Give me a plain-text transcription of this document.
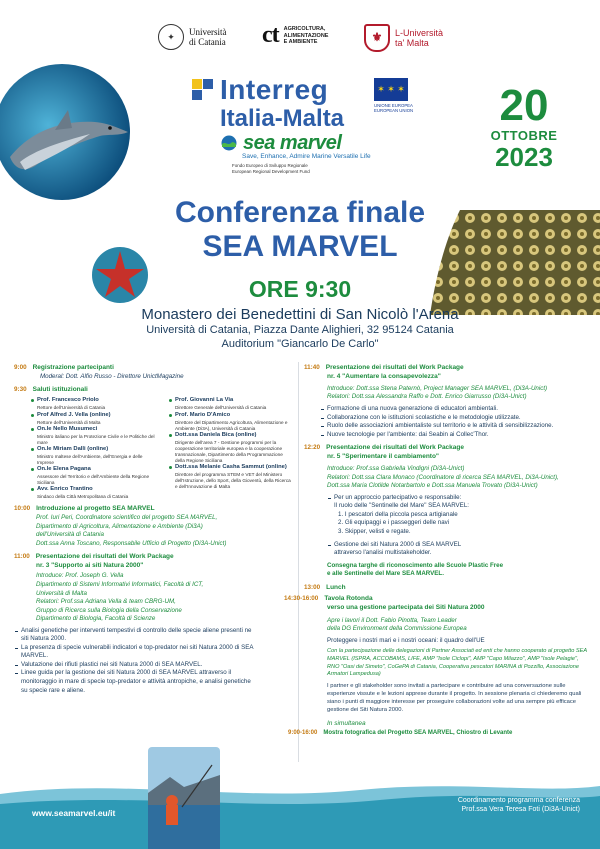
✦
Università
di Catania ct AGRICOLTURA,
ALIMENTAZIONE
E AMBIENTE	⚜	L-Università
ta' Malta
Interreg
Italia-Malta
sea marvel
Save, Enhance, Admire Marine Versatile Life
Fondo Europeo di Sviluppo Regionale
European Regional Development Fund
✶ ✶ ✶
UNIONE EUROPEA
EUROPEAN UNION	20
OTTOBRE
2023
Conferenza finale
SEA MARVEL
ORE 9:30
Monastero dei Benedettini di San Nicolò l'Arena
Università di Catania, Piazza Dante Alighieri, 32 95124 Catania
Auditorium "Giancarlo De Carlo"
9:00 Registrazione partecipanti
Moderal: Dott. Alfio Russo - Direttore UnictMagazine
9:30 Saluti istituzionali
Prof. Francesco Priolo
Rettore dell'Università di Catania
Prof Alfred J. Vella (online)
Rettore dell'Università di Malta
On.le Nello Musumeci
Ministro italiano per la Protezione Civile e le Politiche del mare
On.le Miriam Dalli (online)
Ministro maltese dell'Ambiente, dell'Energia e delle Imprese
On.le Elena Pagana
Assessore del Territorio e dell'Ambiente della Regione Siciliana
Avv. Enrico Trantino
Sindaco della Città Metropolitana di Catania
Prof. Giovanni La Via
Direttore Generale dell'Università di Catania
Prof. Mario D'Amico
Direttore del Dipartimento Agricoltura, Alimentazione e Ambiente (Di3A), Università di Catania
Dott.ssa Daniela Bica (online)
Dirigente dell'area 7 - Gestione programmi per la cooperazione territoriale europea e la cooperazione transnazionale, Dipartimento della Programmazione della Regione Siciliana
Dott.ssa Melanie Casha Sammut (online)
Direttore del programma STEM e VET del Ministero dell'Istruzione, dello Sport, della Gioventù, della Ricerca e dell'Innovazione di Malta
10:00 Introduzione al progetto SEA MARVEL
Prof. Iuri Peri, Coordinatore scientifico del progetto SEA MARVEL,
Dipartimento di Agricoltura, Alimentazione e Ambiente (Di3A)
dell'Università di Catania
Dott.ssa Anna Toscano, Responsabile Ufficio di Progetto (Di3A-Unict)
11:00 Presentazione dei risultati del Work Package
nr. 3 "Supporto ai siti Natura 2000"
Introduce: Prof. Joseph G. Vella
Dipartimento di Sistemi Informativi Informatici, Facoltà di ICT,
Università di Malta
Relatori: Prof.ssa Adriana Vella & team CBRG-UM,
Gruppo di Ricerca sulla Biologia della Conservazione
Dipartimento di Biologia, Facoltà di Scienze
Analisi genetiche per interventi tempestivi di controllo delle specie aliene presenti ne siti Natura 2000.
La presenza di specie vulnerabili indicatori e top-predator nei siti Natura 2000 di SEA MARVEL.
Valutazione dei rifiuti plastici nei siti Natura 2000 di SEA MARVEL.
Linee guida per la gestione dei siti Natura 2000 di SEA MARVEL attraverso il monitoraggio in mare di specie top-predator e attività antropiche, e analisi genetiche su specie rare e aliene.
11:40 Presentazione dei risultati del Work Package
nr. 4 "Aumentare la consapevolezza"
Introduce: Dott.ssa Stena Paternò, Project Manager SEA MARVEL, (Di3A-Unict)
Relatori: Dott.ssa Alessandra Raffo e Dott. Enrico Giarrusso (Di3A-Unict)
Formazione di una nuova generazione di educatori ambientali.
Collaborazione con le istituzioni scolastiche e le metodologie utilizzate.
Ruolo delle associazioni ambientaliste sul territorio e le attività di sensibilizzazione.
Nuove tecnologie per l'ambiente: dai Seabin ai Collec'Thor.
12:20 Presentazione dei risultati del Work Package
nr. 5 "Sperimentare il cambiamento"
Introduce: Prof.ssa Gabriella Vindigni (Di3A-Unict)
Relatori: Dott.ssa Clara Monaco (Coordinatore di ricerca SEA MARVEL, Di3A-Unict),
Dott.ssa Maria Clotilde Notarbartolo e Dott.ssa Manuela Trovato (Di3A-Unict)
Per un approccio partecipativo e responsabile:
Il ruolo delle "Sentinelle del Mare" SEA MARVEL:
1. I pescatori della piccola pesca artigianale
2. Gli equipaggi e i passeggeri delle navi
3. Skipper, velisti e regate.
Gestione dei siti Natura 2000 di SEA MARVEL
attraverso l'analisi multistakeholder.
Consegna targhe di riconoscimento alle Scuole Plastic Free
e alle Sentinelle del Mare SEA MARVEL.
13:00 Lunch
14:30-16:00 Tavola Rotonda
verso una gestione partecipata dei Siti Natura 2000
Apre i lavori il Dott. Fabio Pinotta, Team Leader
della DG Environment della Commissione Europea
Proteggere i nostri mari e i nostri oceani: il quadro dell'UE
Con la partecipazione delle delegazioni di Partner Associati ed enti che hanno cooperato al progetto SEA MARVEL (ISPRA, ACCOBAMS, LIFE, AMP "Isole Ciclopi", AMP "Capo Milazzo", AMP "Isole Pelagie", RNO "Oasi del Simeto", CoGePA di Catania, Cooperativa pescatori MARINA di Pozzillo, Associazione Armatori Lampedusa)
I partner e gli stakeholder sono invitati a partecipare e contribuire ad una conversazione sulle esperienze vissute e le lezioni apprese durante il progetto. In sessione plenaria ci chiederemo quali siano i punti di maggiore interesse per proseguire collaborazioni volte ad una sempre più efficace gestione dei Siti Natura 2000.
In simultanea
9:00-16:00 Mostra fotografica del Progetto SEA MARVEL, Chiostro di Levante
www.seamarvel.eu/it
Coordinamento programma conferenza
Prof.ssa Vera Teresa Foti (Di3A-Unict)
